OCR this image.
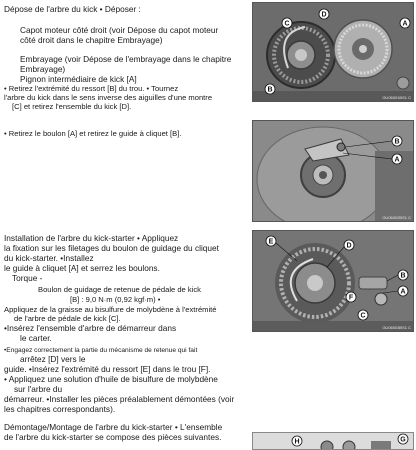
Dépose de l'arbre du kick • Déposer :
Capot moteur côté droit (voir Dépose du capot moteur
côté droit dans le chapitre Embrayage)
Embrayage (voir Dépose de l'embrayage dans le chapitre
Embrayage)
Pignon intermédiaire de kick [A]
• Retirez l'extrémité du ressort [B] du trou. • Tournez
l'arbre du kick dans le sens inverse des aiguilles d'une montre
[C] et retirez l'ensemble du kick [D].
• Retirez le boulon [A] et retirez le guide à cliquet [B].
Installation de l'arbre du kick-starter • Appliquez
la fixation sur les filetages du boulon de guidage du cliquet
du kick-starter. •Installez
le guide à cliquet [A] et serrez les boulons.
Torque -
Boulon de guidage de retenue de pédale de kick
[B] : 9,0 N·m (0,92 kgf·m) •
Appliquez de la graisse au bisulfure de molybdène à l'extrémité
de l'arbre de pédale de kick [C].
•Insérez l'ensemble d'arbre de démarreur dans
le carter.
•Engagez correctement la partie du mécanisme de retenue qui fait
arrêtez [D] vers le
guide. •Insérez l'extrémité du ressort [E] dans le trou [F].
• Appliquez une solution d'huile de bisulfure de molybdène
sur l'arbre du
démarreur. •Installer les pièces préalablement démontées (voir
les chapitres correspondants).
Démontage/Montage de l'arbre du kick-starter • L'ensemble
de l'arbre du kick-starter se compose des pièces suivantes.
D
A
C
B
GU06001BS1 C
B
A
GU06002BS1 C
E
D
B
A
F
C
GU06003BS1 C
H	G
